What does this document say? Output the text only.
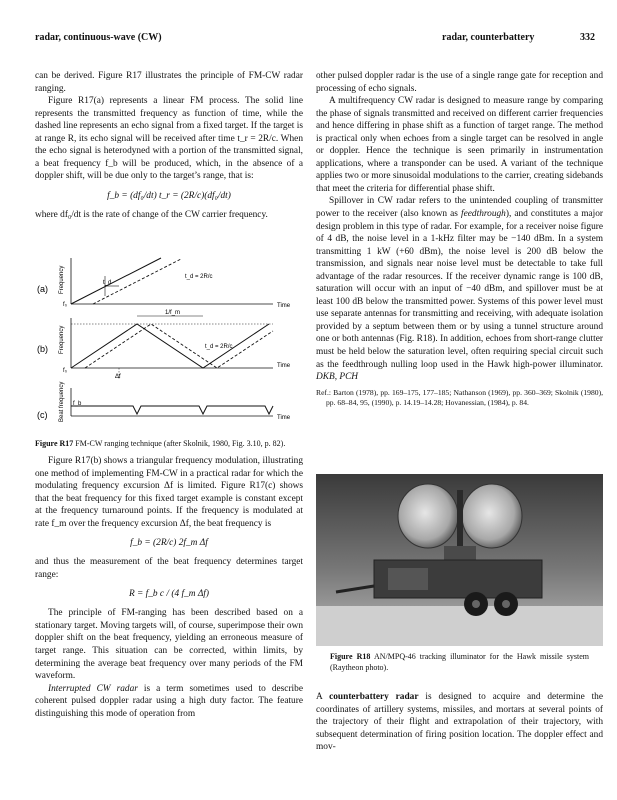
radar, continuous-wave (CW)	radar, counterbattery	332

can be derived. Figure R17 illustrates the principle of FM-CW radar ranging.

Figure R17(a) represents a linear FM process. The solid line represents the transmitted frequency as function of time, while the dashed line represents an echo signal from a fixed target. If the target is at range R, its echo signal will be received after time t_r = 2R/c. When the echo signal is heterodyned with a portion of the transmitted signal, a beat frequency f_b will be produced, which, in the absence of a doppler shift, will be due only to the target’s range, that is:

f_b = (df₀/dt) t_r = (2R/c)(df₀/dt)

where df₀/dt is the rate of change of the CW carrier frequency.

(a) Frequency	t_d
t_d = 2R/c
f₀	Time
(b) Frequency
1/f_m
t_d = 2R/c
Δf
f₀
Time
(c) Beat frequency f_b
Time

Figure R17 FM-CW ranging technique (after Skolnik, 1980, Fig. 3.10, p. 82).

Figure R17(b) shows a triangular frequency modulation, illustrating one method of implementing FM-CW in a practical radar for which the modulating frequency excursion Δf is limited. Figure R17(c) shows that the beat frequency for this fixed target example is constant except at the frequency turnaround points. If the frequency is modulated at rate f_m over the frequency excursion Δf, the beat frequency is

f_b = (2R/c) 2f_m Δf

and thus the measurement of the beat frequency determines target range:

R = f_b c / (4 f_m Δf)

The principle of FM-ranging has been described based on a stationary target. Moving targets will, of course, superimpose their own doppler shift on the beat frequency, yielding an erroneous measure of target range. This situation can be corrected, within limits, by determining the average beat frequency over many periods of the FM waveform.

Interrupted CW radar is a term sometimes used to describe coherent pulsed doppler radar using a high duty factor. The feature distinguishing this mode of operation from

other pulsed doppler radar is the use of a single range gate for reception and processing of echo signals.

A multifrequency CW radar is designed to measure range by comparing the phase of signals transmitted and received on different carrier frequencies and hence differing in phase shift as a function of target range. The method is practical only when echoes from a single target can be resolved in angle or doppler. Hence the technique is seen primarily in instrumentation applications, where a transponder can be used. A variant of the technique applies two or more sinusoidal modulations to the carrier, creating sidebands that meet the criteria for differential phase shift.

Spillover in CW radar refers to the unintended coupling of transmitter power to the receiver (also known as feedthrough), and constitutes a major design problem in this type of radar. For example, for a receiver noise figure of 4 dB, the noise level in a 1-kHz filter may be −140 dBm. In a system transmitting 1 kW (+60 dBm), the noise level is 200 dB below the transmission, and signals near noise level must be detectable to take full advantage of the radar resources. If the receiver dynamic range is 100 dB, saturation will occur with an input of −40 dBm, and spillover must be at least 100 dB below the transmitted power. Systems of this power level must use separate antennas for transmitting and receiving, with adequate isolation provided by a septum between them or by using a tunnel structure around one or both antennas (Fig. R18). In addition, echoes from short-range clutter must be held below the saturation level, often requiring special circuit such as the feedthrough nulling loop used in the Hawk high-power illuminator. DKB, PCH

Ref.: Barton (1978), pp. 169–175, 177–185; Nathanson (1969), pp. 360–369; Skolnik (1980), pp. 68–84, 95, (1990), p. 14.19–14.28; Hovanessian, (1984), p. 84.

Figure R18 AN/MPQ-46 tracking illuminator for the Hawk missile system (Raytheon photo).

A counterbattery radar is designed to acquire and determine the coordinates of artillery systems, missiles, and mortars at several points of the trajectory of their flight and extrapolation of their trajectory, with subsequent determination of firing position location. The doppler effect and mov-
